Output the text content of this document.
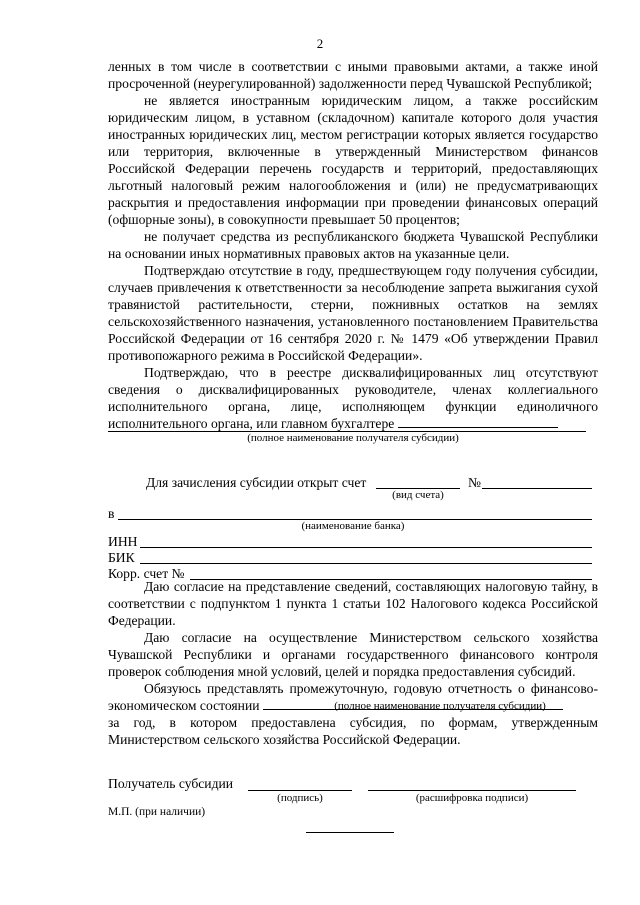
2

ленных в том числе в соответствии с иными правовыми актами, а также иной просроченной (неурегулированной) задолженности перед Чувашской Республикой;

не является иностранным юридическим лицом, а также российским юридическим лицом, в уставном (складочном) капитале которого доля участия иностранных юридических лиц, местом регистрации которых является государство или территория, включенные в утвержденный Министерством финансов Российской Федерации перечень государств и территорий, предоставляющих льготный налоговый режим налогообложения и (или) не предусматривающих раскрытия и предоставления информации при проведении финансовых операций (офшорные зоны), в совокупности превышает 50 процентов;

не получает средства из республиканского бюджета Чувашской Республики на основании иных нормативных правовых актов на указанные цели.

Подтверждаю отсутствие в году, предшествующем году получения субсидии, случаев привлечения к ответственности за несоблюдение запрета выжигания сухой травянистой растительности, стерни, пожнивных остатков на землях сельскохозяйственного назначения, установленного постановлением Правительства Российской Федерации от 16 сентября 2020 г. № 1479 «Об утверждении Правил противопожарного режима в Российской Федерации».

Подтверждаю, что в реестре дисквалифицированных лиц отсутствуют сведения о дисквалифицированных руководителе, членах коллегиального исполнительного органа, лице, исполняющем функции единоличного исполнительного органа, или главном бухгалтере

(полное наименование получателя субсидии)
Для зачисления субсидии открыт счет	№
(вид счета)
в
(наименование банка)
ИНН
БИК
Корр. счет №

Даю согласие на представление сведений, составляющих налоговую тайну, в соответствии с подпунктом 1 пункта 1 статьи 102 Налогового кодекса Российской Федерации.

Даю согласие на осуществление Министерством сельского хозяйства Чувашской Республики и органами государственного финансового контроля проверок соблюдения мной условий, целей и порядка предоставления субсидий.

Обязуюсь представлять промежуточную, годовую отчетность о финансово-экономическом состоянии	(полное наименование получателя субсидии)

за год, в котором предоставлена субсидия, по формам, утвержденным Министерством сельского хозяйства Российской Федерации.

Получатель субсидии
(подпись)	(расшифровка подписи)
М.П. (при наличии)
